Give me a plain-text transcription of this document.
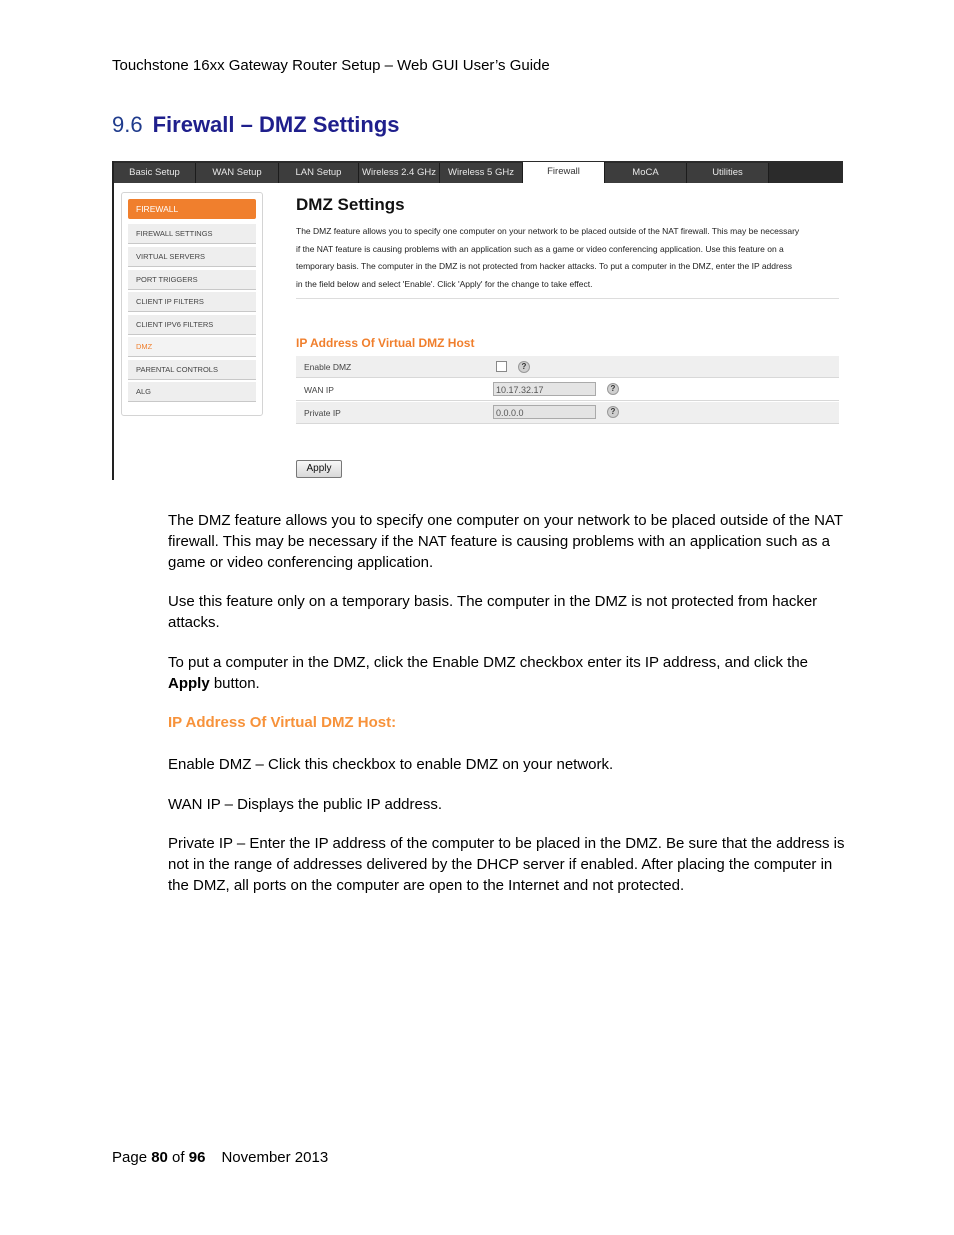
Touchstone 16xx Gateway Router Setup – Web GUI User’s Guide
9.6 Firewall – DMZ Settings
Basic Setup	WAN Setup	LAN Setup	Wireless 2.4 GHz	Wireless 5 GHz	Firewall	MoCA	Utilities
FIREWALL
FIREWALL SETTINGS
VIRTUAL SERVERS
PORT TRIGGERS
CLIENT IP FILTERS
CLIENT IPV6 FILTERS
DMZ
PARENTAL CONTROLS
ALG
DMZ Settings
The DMZ feature allows you to specify one computer on your network to be placed outside of the NAT firewall. This may be necessary
if the NAT feature is causing problems with an application such as a game or video conferencing application. Use this feature on a
temporary basis. The computer in the DMZ is not protected from hacker attacks. To put a computer in the DMZ, enter the IP address
in the field below and select 'Enable'. Click 'Apply' for the change to take effect.
IP Address Of Virtual DMZ Host
Enable DMZ	?
WAN IP	10.17.32.17	?
Private IP	0.0.0.0	?
Apply
The DMZ feature allows you to specify one computer on your network to be placed outside of the NAT firewall. This may be necessary if the NAT feature is causing problems with an application such as a game or video conferencing application.
Use this feature only on a temporary basis. The computer in the DMZ is not protected from hacker attacks.
To put a computer in the DMZ, click the Enable DMZ checkbox enter its IP address, and click the Apply button.
IP Address Of Virtual DMZ Host:
Enable DMZ – Click this checkbox to enable DMZ on your network.
WAN IP – Displays the public IP address.
Private IP – Enter the IP address of the computer to be placed in the DMZ. Be sure that the address is not in the range of addresses delivered by the DHCP server if enabled. After placing the computer in the DMZ, all ports on the computer are open to the Internet and not protected.
Page 80 of 96 November 2013
